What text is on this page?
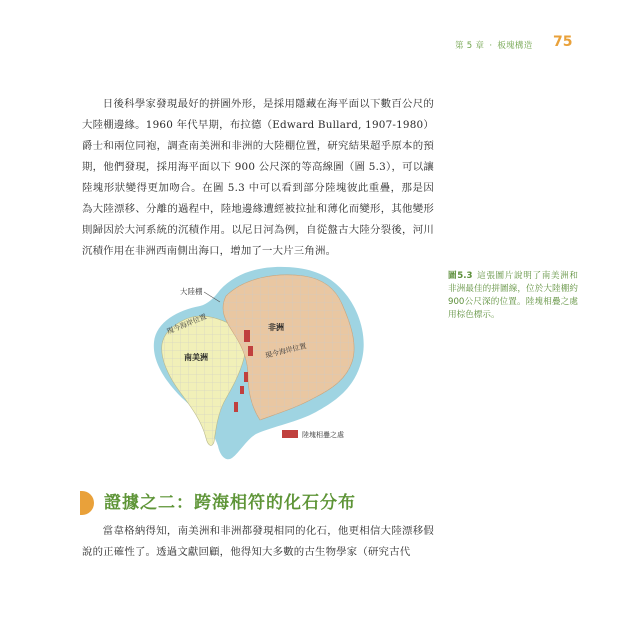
第 5 章 · 板塊構造 75

日後科學家發現最好的拼圖外形，是採用隱藏在海平面以下數百公尺的大陸棚邊緣。1960 年代早期，布拉德（Edward Bullard, 1907-1980）爵士和兩位同袍，調查南美洲和非洲的大陸棚位置，研究結果超乎原本的預期，他們發現，採用海平面以下 900 公尺深的等高線圖（圖 5.3），可以讓陸塊形狀變得更加吻合。在圖 5.3 中可以看到部分陸塊彼此重疊，那是因為大陸漂移、分離的過程中，陸地邊緣遭經被拉扯和薄化而變形，其他變形則歸因於大河系統的沉積作用。以尼日河為例，自從盤古大陸分裂後，河川沉積作用在非洲西南側出海口，增加了一大片三角洲。

大陸棚
現今海岸位置
南美洲
非洲
現今海岸位置
陸塊相疊之處
圖5.3 這張圖片說明了南美洲和非洲最佳的拼圖線，位於大陸棚約900公尺深的位置。陸塊相疊之處用棕色標示。
證據之二：跨海相符的化石分布

當韋格納得知，南美洲和非洲都發現相同的化石，他更相信大陸漂移假說的正確性了。透過文獻回顧，他得知大多數的古生物學家（研究古代
